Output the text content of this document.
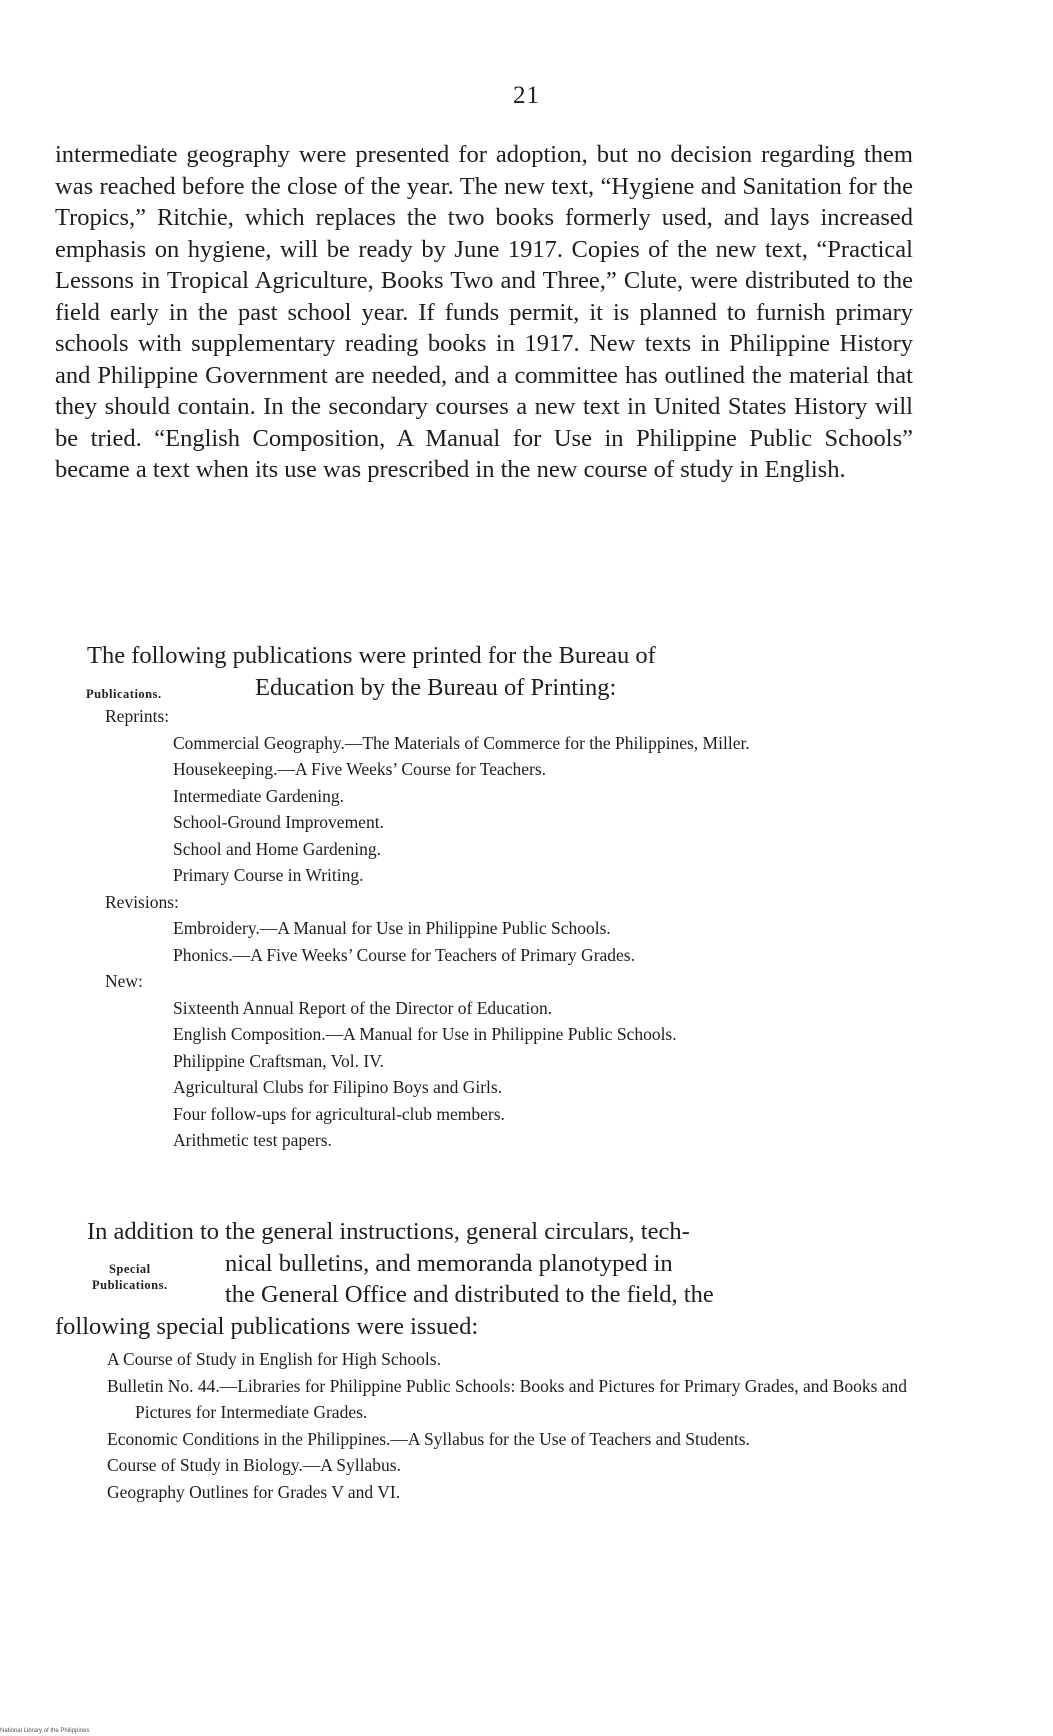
21

intermediate geography were presented for adoption, but no decision regarding them was reached before the close of the year. The new text, “Hygiene and Sanitation for the Tropics,” Ritchie, which replaces the two books formerly used, and lays increased emphasis on hygiene, will be ready by June 1917. Copies of the new text, “Practical Lessons in Tropical Agriculture, Books Two and Three,” Clute, were distributed to the field early in the past school year. If funds permit, it is planned to furnish primary schools with supplementary reading books in 1917. New texts in Philippine History and Philippine Government are needed, and a committee has outlined the material that they should contain. In the secondary courses a new text in United States History will be tried. “English Composition, A Manual for Use in Philippine Public Schools” became a text when its use was prescribed in the new course of study in English.

The following publications were printed for the Bureau of

Education by the Bureau of Printing:
Publications.
Reprints:
Commercial Geography.—The Materials of Commerce for the Philippines, Miller.
Housekeeping.—A Five Weeks’ Course for Teachers.
Intermediate Gardening.
School-Ground Improvement.
School and Home Gardening.
Primary Course in Writing.
Revisions:
Embroidery.—A Manual for Use in Philippine Public Schools.
Phonics.—A Five Weeks’ Course for Teachers of Primary Grades.
New:
Sixteenth Annual Report of the Director of Education.
English Composition.—A Manual for Use in Philippine Public Schools.
Philippine Craftsman, Vol. IV.
Agricultural Clubs for Filipino Boys and Girls.
Four follow-ups for agricultural-club members.
Arithmetic test papers.

In addition to the general instructions, general circulars, tech-

nical bulletins, and memoranda planotyped in
the General Office and distributed to the field, the
following special publications were issued:
Special
Publications.
A Course of Study in English for High Schools.
Bulletin No. 44.—Libraries for Philippine Public Schools: Books and Pictures for Primary Grades, and Books and Pictures for Intermediate Grades.
Economic Conditions in the Philippines.—A Syllabus for the Use of Teachers and Students.
Course of Study in Biology.—A Syllabus.
Geography Outlines for Grades V and VI.
National Library of the Philippines
